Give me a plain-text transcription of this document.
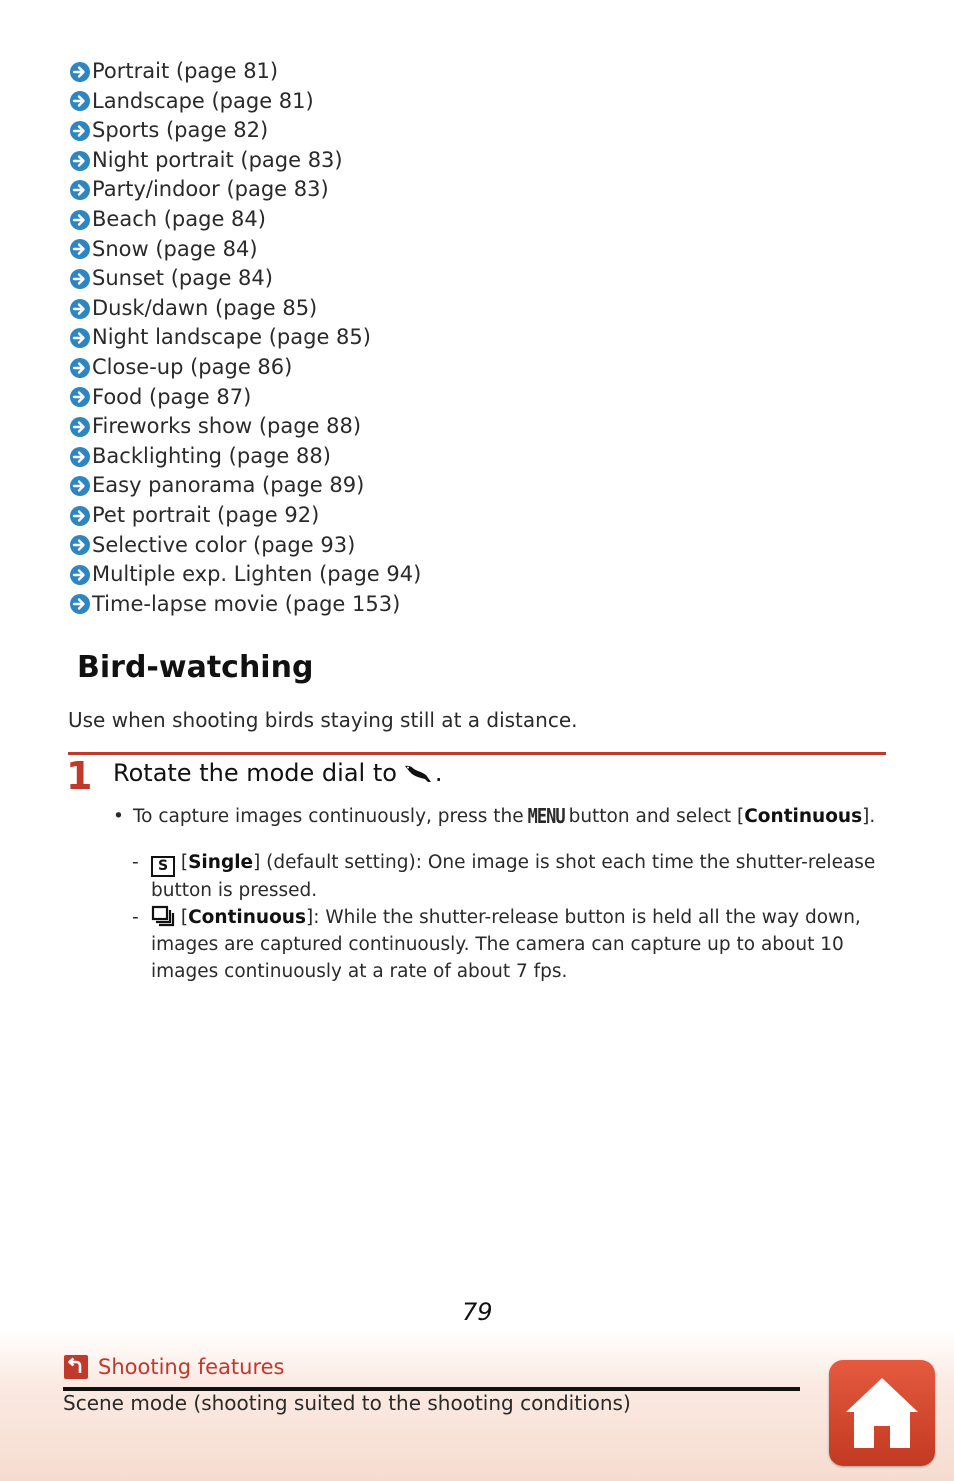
Portrait (page 81)
Landscape (page 81)
Sports (page 82)
Night portrait (page 83)
Party/indoor (page 83)
Beach (page 84)
Snow (page 84)
Sunset (page 84)
Dusk/dawn (page 85)
Night landscape (page 85)
Close-up (page 86)
Food (page 87)
Fireworks show (page 88)
Backlighting (page 88)
Easy panorama (page 89)
Pet portrait (page 92)
Selective color (page 93)
Multiple exp. Lighten (page 94)
Time-lapse movie (page 153)
Bird-watching

Use when shooting birds staying still at a distance.

1 Rotate the mode dial to .
• To capture images continuously, press the MENU button and select [ Continuous ].
-	S [Single] (default setting): One image is shot each time the shutter-release button is pressed.
-	[Continuous]: While the shutter-release button is held all the way down, images are captured continuously. The camera can capture up to about 10 images continuously at a rate of about 7 fps.
79
Shooting features
Scene mode (shooting suited to the shooting conditions)
